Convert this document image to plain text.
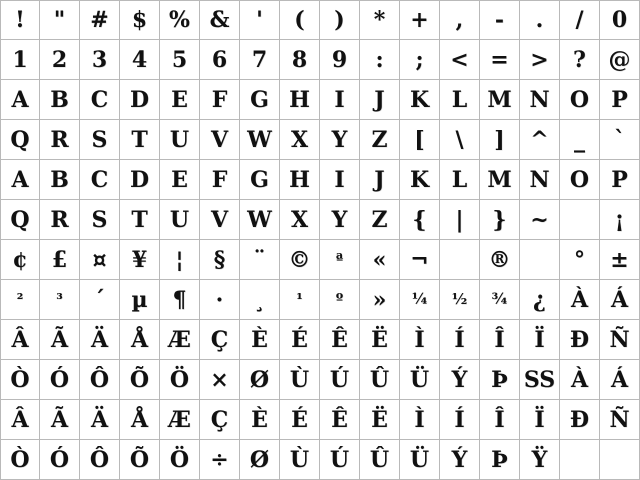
! " # $ % & ' ( ) * + , - . / 0
1 2 3 4 5 6 7 8 9 : ; < = > ? @
A B C D E F G H I J K L M N O P
Q R S T U V W X Y Z [ \ ] ^ _ `
A B C D E F G H I J K L M N O P
Q R S T U V W X Y Z { | } ~	¡
¢ £ ¤ ¥ ¦ § ¨ © ª « ¬	®	° ±
² ³ ´ µ ¶ · ¸ ¹ º » ¼ ½ ¾ ¿ À Á
Â Ã Ä Å Æ Ç È É Ê Ë Ì Í Î Ï Ð Ñ
Ò Ó Ô Õ Ö × Ø Ù Ú Û Ü Ý Þ SS À Á
Â Ã Ä Å Æ Ç È É Ê Ë Ì Í Î Ï Ð Ñ
Ò Ó Ô Õ Ö ÷ Ø Ù Ú Û Ü Ý Þ Ÿ
